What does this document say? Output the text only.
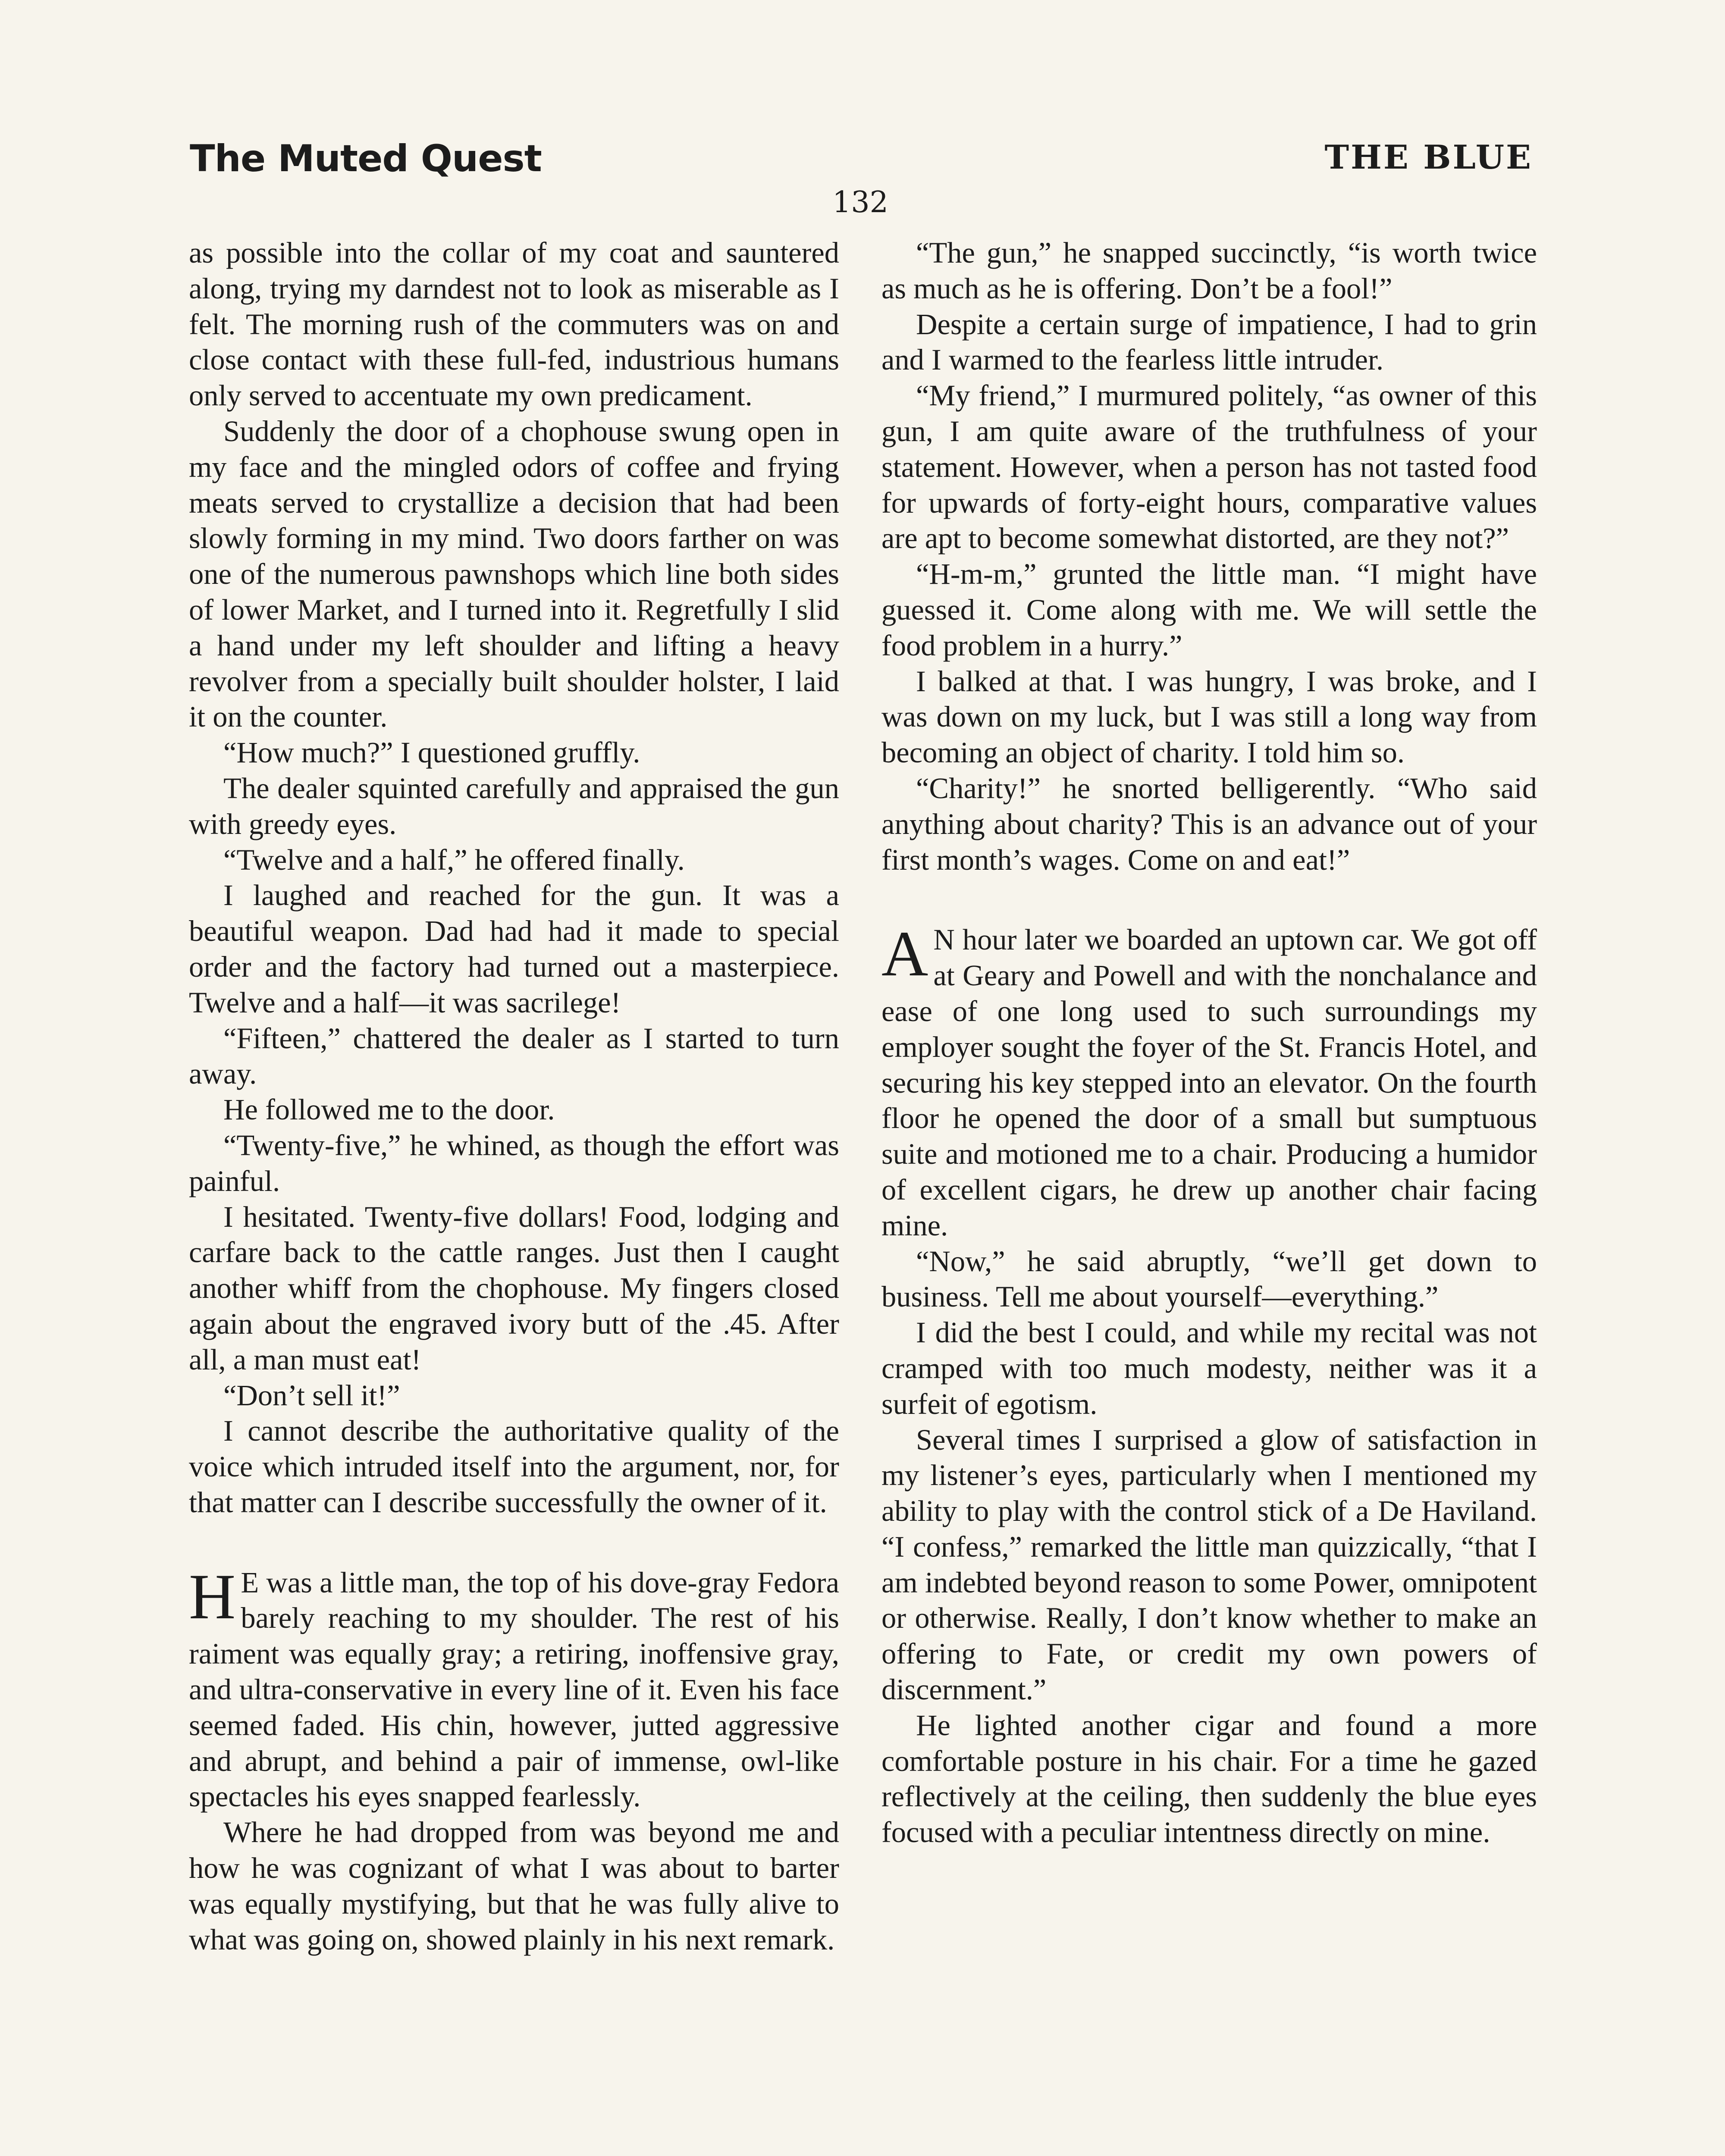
The Muted Quest	THE BLUE
132

as possible into the collar of my coat and sauntered along, trying my darndest not to look as miserable as I felt. The morning rush of the commuters was on and close contact with these full-fed, industrious humans only served to accentuate my own predicament.

Suddenly the door of a chophouse swung open in my face and the mingled odors of coffee and frying meats served to crystallize a decision that had been slowly forming in my mind. Two doors farther on was one of the numerous pawnshops which line both sides of lower Market, and I turned into it. Regretfully I slid a hand under my left shoulder and lifting a heavy revolver from a specially built shoulder holster, I laid it on the counter.

“How much?” I questioned gruffly.

The dealer squinted carefully and appraised the gun with greedy eyes.

“Twelve and a half,” he offered finally.

I laughed and reached for the gun. It was a beautiful weapon. Dad had had it made to special order and the factory had turned out a masterpiece. Twelve and a half—it was sacrilege!

“Fifteen,” chattered the dealer as I started to turn away.

He followed me to the door.

“Twenty-five,” he whined, as though the effort was painful.

I hesitated. Twenty-five dollars! Food, lodging and carfare back to the cattle ranges. Just then I caught another whiff from the chophouse. My fingers closed again about the engraved ivory butt of the .45. After all, a man must eat!

“Don’t sell it!”

I cannot describe the authoritative quality of the voice which intruded itself into the argument, nor, for that matter can I describe successfully the owner of it.

H E was a little man, the top of his dove-gray Fedora barely reaching to my shoulder. The rest of his raiment was equally gray; a retiring, inoffensive gray, and ultra-conservative in every line of it. Even his face seemed faded. His chin, however, jutted aggressive and abrupt, and behind a pair of immense, owl-like spectacles his eyes snapped fearlessly.

Where he had dropped from was beyond me and how he was cognizant of what I was about to barter was equally mystifying, but that he was fully alive to what was going on, showed plainly in his next remark.

“The gun,” he snapped succinctly, “is worth twice as much as he is offering. Don’t be a fool!”

Despite a certain surge of impatience, I had to grin and I warmed to the fearless little intruder.

“My friend,” I murmured politely, “as owner of this gun, I am quite aware of the truthfulness of your statement. However, when a person has not tasted food for upwards of forty-eight hours, comparative values are apt to become somewhat distorted, are they not?”

“H-m-m,” grunted the little man. “I might have guessed it. Come along with me. We will settle the food problem in a hurry.”

I balked at that. I was hungry, I was broke, and I was down on my luck, but I was still a long way from becoming an object of charity. I told him so.

“Charity!” he snorted belligerently. “Who said anything about charity? This is an advance out of your first month’s wages. Come on and eat!”

A N hour later we boarded an uptown car. We got off at Geary and Powell and with the nonchalance and ease of one long used to such surroundings my employer sought the foyer of the St. Francis Hotel, and securing his key stepped into an elevator. On the fourth floor he opened the door of a small but sumptuous suite and motioned me to a chair. Producing a humidor of excellent cigars, he drew up another chair facing mine.

“Now,” he said abruptly, “we’ll get down to business. Tell me about yourself—everything.”

I did the best I could, and while my recital was not cramped with too much modesty, neither was it a surfeit of egotism.

Several times I surprised a glow of satisfaction in my listener’s eyes, particularly when I mentioned my ability to play with the control stick of a De Haviland. “I confess,” remarked the little man quizzically, “that I am indebted beyond reason to some Power, omnipotent or otherwise. Really, I don’t know whether to make an offering to Fate, or credit my own powers of discernment.”

He lighted another cigar and found a more comfortable posture in his chair. For a time he gazed reflectively at the ceiling, then suddenly the blue eyes focused with a peculiar intentness directly on mine.
